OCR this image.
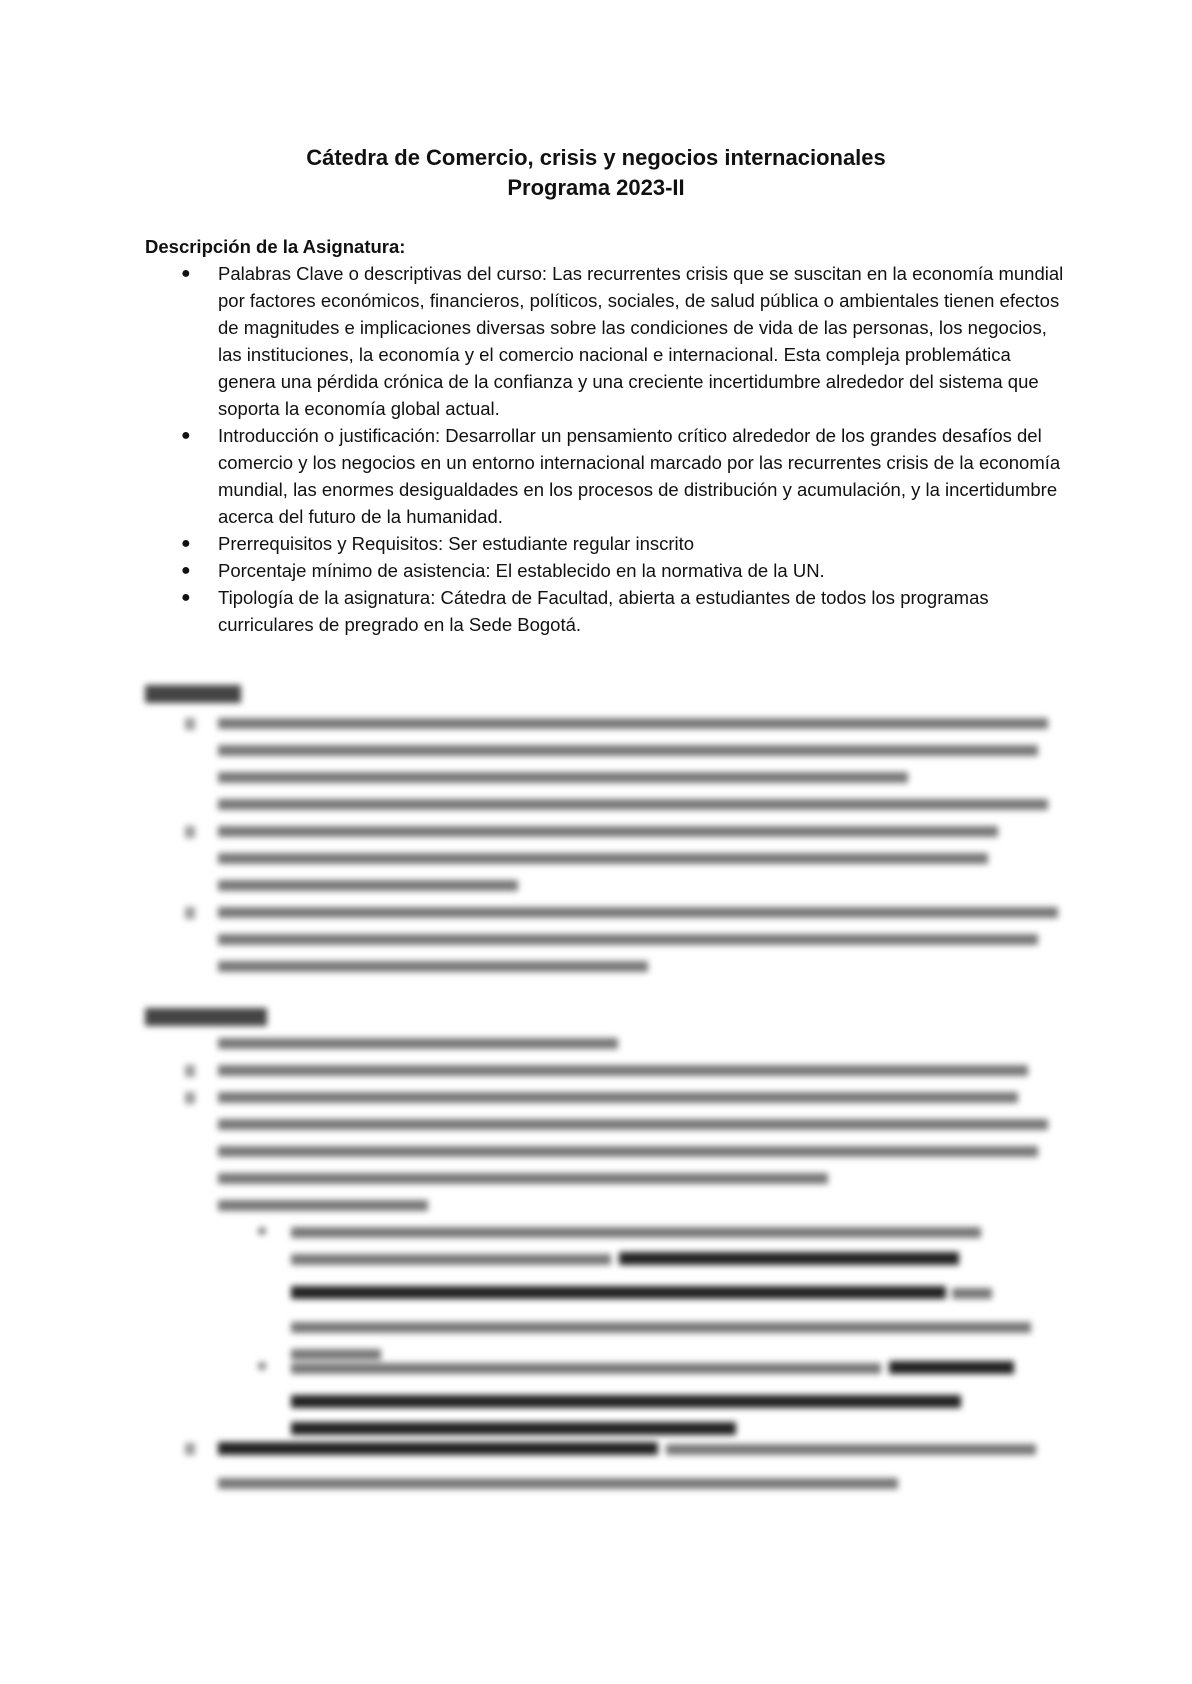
Cátedra de Comercio, crisis y negocios internacionales
Programa 2023-II
Descripción de la Asignatura:
● Palabras Clave o descriptivas del curso: Las recurrentes crisis que se suscitan en la economía mundial por factores económicos, financieros, políticos, sociales, de salud pública o ambientales tienen efectos de magnitudes e implicaciones diversas sobre las condiciones de vida de las personas, los negocios, las instituciones, la economía y el comercio nacional e internacional. Esta compleja problemática genera una pérdida crónica de la confianza y una creciente incertidumbre alrededor del sistema que soporta la economía global actual.
● Introducción o justificación: Desarrollar un pensamiento crítico alrededor de los grandes desafíos del comercio y los negocios en un entorno internacional marcado por las recurrentes crisis de la economía mundial, las enormes desigualdades en los procesos de distribución y acumulación, y la incertidumbre acerca del futuro de la humanidad.
● Prerrequisitos y Requisitos: Ser estudiante regular inscrito
● Porcentaje mínimo de asistencia: El establecido en la normativa de la UN.
● Tipología de la asignatura: Cátedra de Facultad, abierta a estudiantes de todos los programas curriculares de pregrado en la Sede Bogotá.
